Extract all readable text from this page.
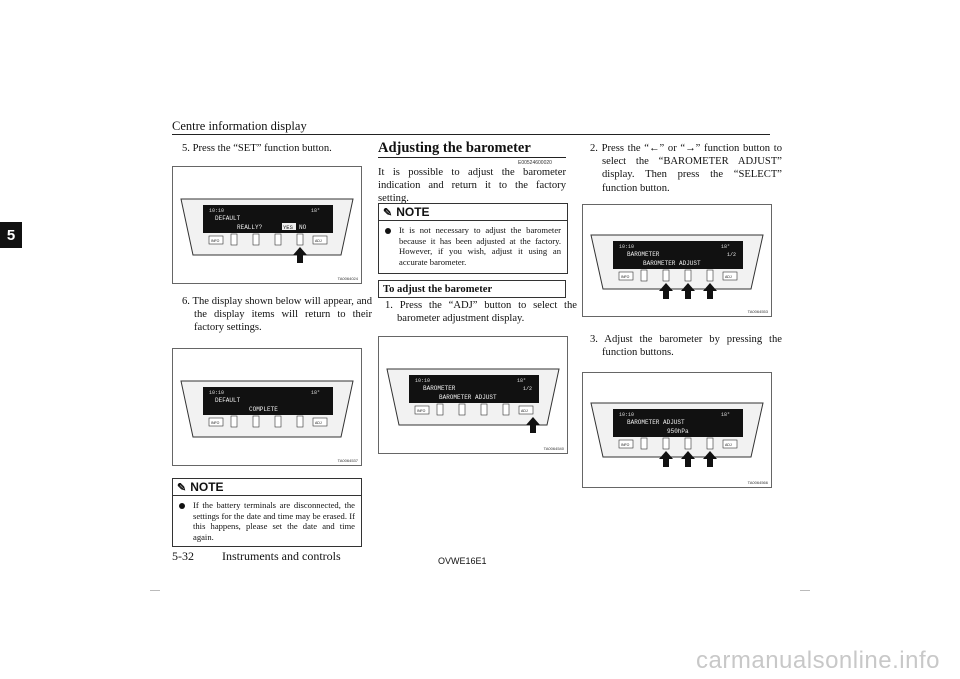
Centre information display
5
5. Press the “SET” function button.
10:10	18°
DEFAULT
REALLY?	YES NO
INFO	ADJ
TA0064024
6. The display shown below will appear, and the display items will return to their factory settings.
10:10	18°
DEFAULT
COMPLETE
INFO	ADJ
TA0064537
✎ NOTE
If the battery terminals are disconnected, the settings for the date and time may be erased. If this happens, please set the date and time again.
Adjusting the barometer
E00524600020
It is possible to adjust the barometer indication and return it to the factory setting.
✎ NOTE
It is not necessary to adjust the barometer because it has been adjusted at the factory. However, if you wish, adjust it using an accurate barometer.
To adjust the barometer
1. Press the “ADJ” button to select the barometer adjustment display.
10:10	18°
BAROMETER
BAROMETER ADJUST
1/2
INFO	ADJ
TA0064540
2. Press the “←” or “→” function button to select the “BAROMETER ADJUST” display. Then press the “SELECT” function button.
10:10	18°
BAROMETER
BAROMETER ADJUST
1/2
INFO	ADJ
TA0064553
3. Adjust the barometer by pressing the function buttons.
10:10	18°
BAROMETER ADJUST
950hPa
INFO	ADJ
TA0064566
5-32 Instruments and controls	OVWE16E1
carmanualsonline.info
